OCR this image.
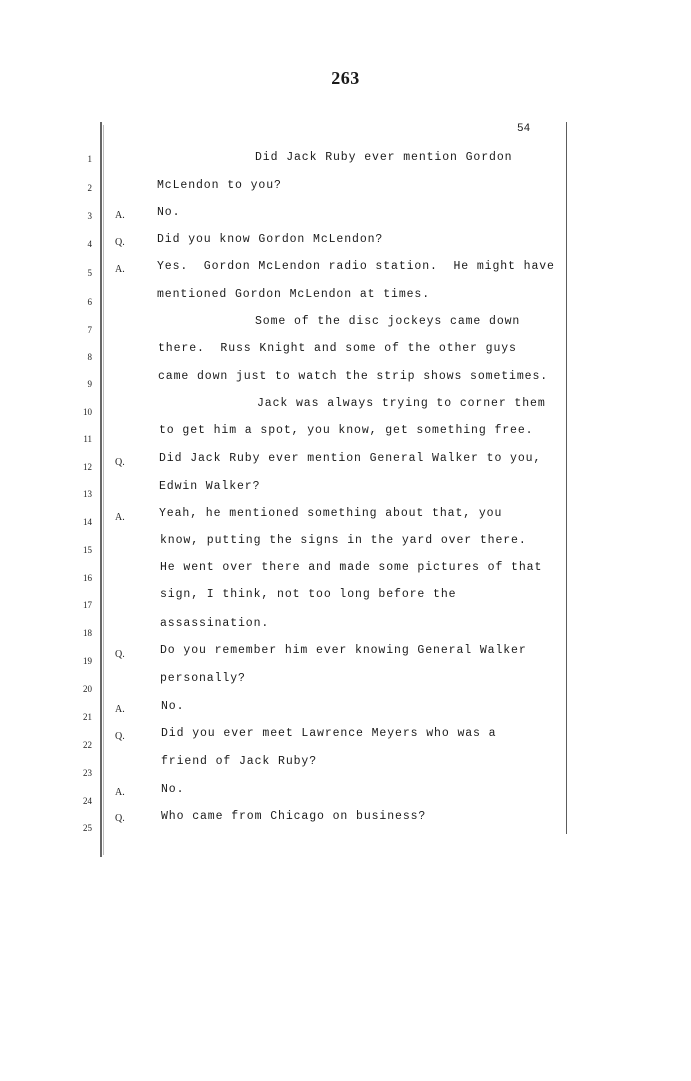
263
54
1
2
3
4
5
6
7
8
9
10
11
12
13
14
15
16
17
18
19
20
21
22
23
24
25
A.
Q.
A.
Q.
A.
Q.
A.
Q.
A.
Q.
Did Jack Ruby ever mention Gordon
McLendon to you?
No.
Did you know Gordon McLendon?
Yes.  Gordon McLendon radio station.  He might have
mentioned Gordon McLendon at times.
Some of the disc jockeys came down
there.  Russ Knight and some of the other guys
came down just to watch the strip shows sometimes.
Jack was always trying to corner them
to get him a spot, you know, get something free.
Did Jack Ruby ever mention General Walker to you,
Edwin Walker?
Yeah, he mentioned something about that, you
know, putting the signs in the yard over there.
He went over there and made some pictures of that
sign, I think, not too long before the
assassination.
Do you remember him ever knowing General Walker
personally?
No.
Did you ever meet Lawrence Meyers who was a
friend of Jack Ruby?
No.
Who came from Chicago on business?
